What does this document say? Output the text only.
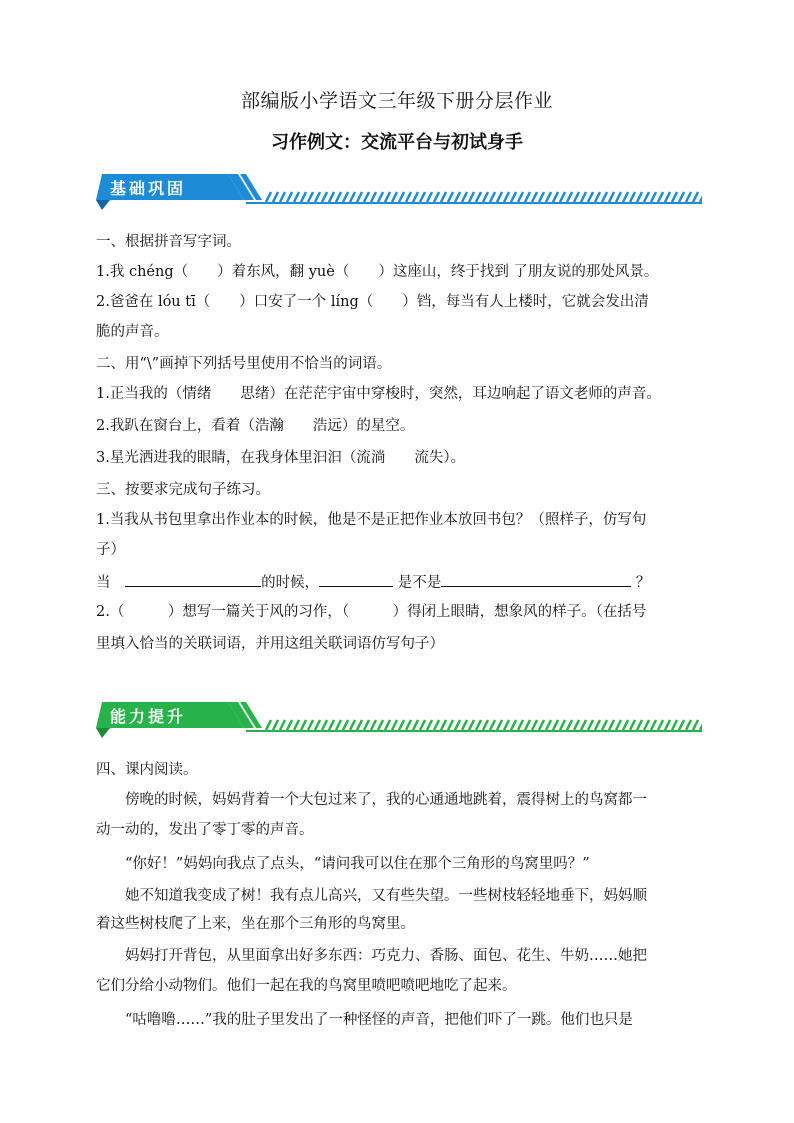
部编版小学语文三年级下册分层作业
习作例文：交流平台与初试身手
基础巩固
一、根据拼音写字词。
1.我 chéng（　　）着东风，翻 yuè（　　）这座山，终于找到 了朋友说的那处风景。
2.爸爸在 lóu tī（　　）口安了一个 líng（　　）铛，每当有人上楼时，它就会发出清
脆的声音。
二、用“\”画掉下列括号里使用不恰当的词语。
1.正当我的（情绪　　思绪）在茫茫宇宙中穿梭时，突然，耳边响起了语文老师的声音。
2.我趴在窗台上，看着（浩瀚　　浩远）的星空。
3.星光洒进我的眼睛，在我身体里汩汩（流淌　　流失）。
三、按要求完成句子练习。
1.当我从书包里拿出作业本的时候，他是不是正把作业本放回书包？（照样子，仿写句
子）
当	的时候，	是不是	？
2.（　　　）想写一篇关于风的习作，（　　　）得闭上眼睛，想象风的样子。（在括号
里填入恰当的关联词语，并用这组关联词语仿写句子）
能力提升
四、课内阅读。
傍晚的时候，妈妈背着一个大包过来了，我的心通通地跳着，震得树上的鸟窝都一
动一动的，发出了零丁零的声音。
“你好！”妈妈向我点了点头，“请问我可以住在那个三角形的鸟窝里吗？”
她不知道我变成了树！我有点儿高兴，又有些失望。一些树枝轻轻地垂下，妈妈顺
着这些树枝爬了上来，坐在那个三角形的鸟窝里。
妈妈打开背包，从里面拿出好多东西：巧克力、香肠、面包、花生、牛奶……她把
它们分给小动物们。他们一起在我的鸟窝里喷吧喷吧地吃了起来。
“咕噜噜……”我的肚子里发出了一种怪怪的声音，把他们吓了一跳。他们也只是
